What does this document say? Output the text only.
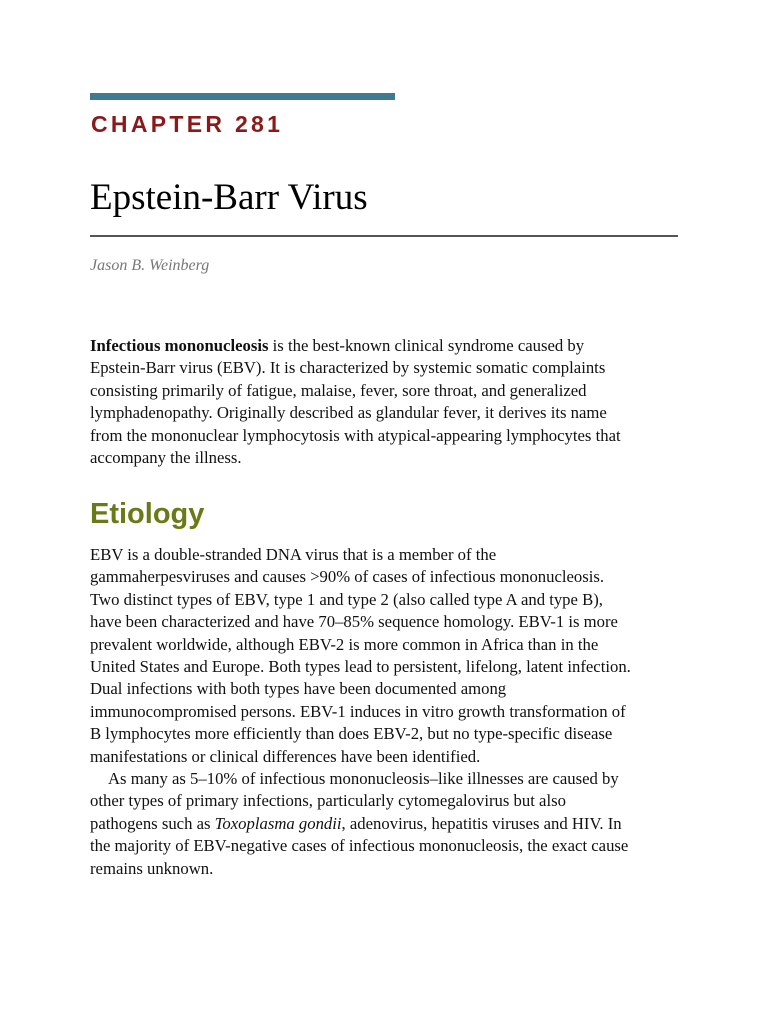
CHAPTER 281
Epstein-Barr Virus
Jason B. Weinberg
Infectious mononucleosis is the best-known clinical syndrome caused by
Epstein-Barr virus (EBV). It is characterized by systemic somatic complaints
consisting primarily of fatigue, malaise, fever, sore throat, and generalized
lymphadenopathy. Originally described as glandular fever, it derives its name
from the mononuclear lymphocytosis with atypical-appearing lymphocytes that
accompany the illness.
Etiology
EBV is a double-stranded DNA virus that is a member of the
gammaherpesviruses and causes >90% of cases of infectious mononucleosis.
Two distinct types of EBV, type 1 and type 2 (also called type A and type B),
have been characterized and have 70–85% sequence homology. EBV-1 is more
prevalent worldwide, although EBV-2 is more common in Africa than in the
United States and Europe. Both types lead to persistent, lifelong, latent infection.
Dual infections with both types have been documented among
immunocompromised persons. EBV-1 induces in vitro growth transformation of
B lymphocytes more efficiently than does EBV-2, but no type-specific disease
manifestations or clinical differences have been identified.
As many as 5–10% of infectious mononucleosis–like illnesses are caused by
other types of primary infections, particularly cytomegalovirus but also
pathogens such as Toxoplasma gondii, adenovirus, hepatitis viruses and HIV. In
the majority of EBV-negative cases of infectious mononucleosis, the exact cause
remains unknown.
